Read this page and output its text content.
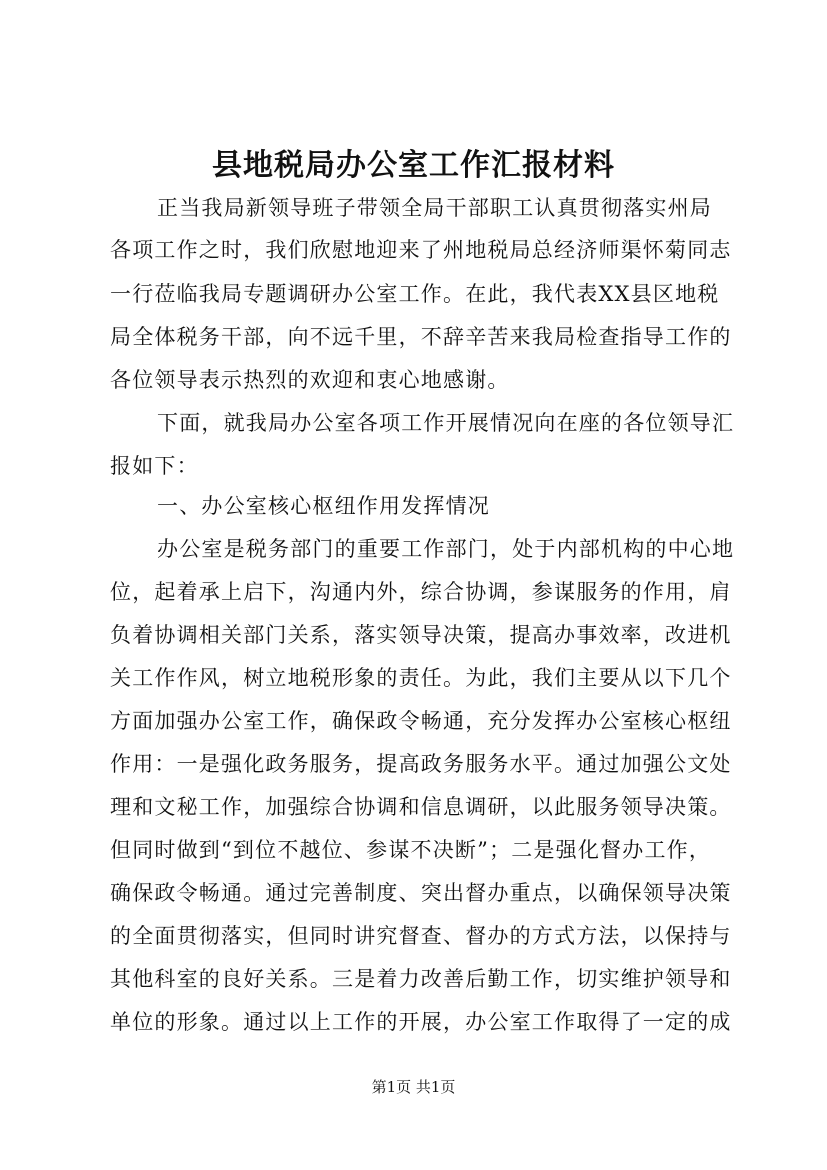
县地税局办公室工作汇报材料
正当我局新领导班子带领全局干部职工认真贯彻落实州局
各项工作之时，我们欣慰地迎来了州地税局总经济师渠怀菊同志
一行莅临我局专题调研办公室工作。在此，我代表XX县区地税
局全体税务干部，向不远千里，不辞辛苦来我局检查指导工作的
各位领导表示热烈的欢迎和衷心地感谢。
下面，就我局办公室各项工作开展情况向在座的各位领导汇
报如下：
一、办公室核心枢纽作用发挥情况
办公室是税务部门的重要工作部门，处于内部机构的中心地
位，起着承上启下，沟通内外，综合协调，参谋服务的作用，肩
负着协调相关部门关系，落实领导决策，提高办事效率，改进机
关工作作风，树立地税形象的责任。为此，我们主要从以下几个
方面加强办公室工作，确保政令畅通，充分发挥办公室核心枢纽
作用：一是强化政务服务，提高政务服务水平。通过加强公文处
理和文秘工作，加强综合协调和信息调研，以此服务领导决策。
但同时做到“到位不越位、参谋不决断”；二是强化督办工作，
确保政令畅通。通过完善制度、突出督办重点，以确保领导决策
的全面贯彻落实，但同时讲究督查、督办的方式方法，以保持与
其他科室的良好关系。三是着力改善后勤工作，切实维护领导和
单位的形象。通过以上工作的开展，办公室工作取得了一定的成
第1页 共1页
